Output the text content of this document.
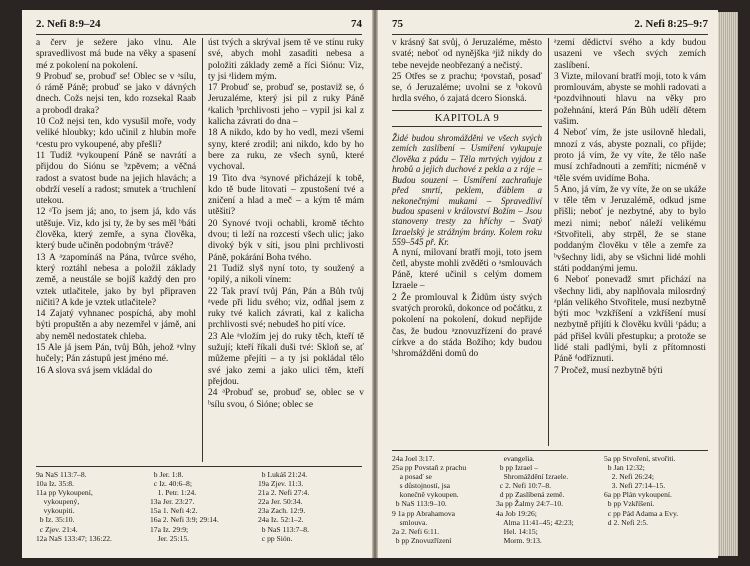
2. Nefi 8:9–24	74

a červ je sežere jako vlnu. Ale spravedlivost má bude na věky a spasení mé z pokolení na pokolení.

9 Probuď se, probuď se! Oblec se v ᵃsílu, ó rámě Páně; probuď se jako v dávných dnech. Cožs nejsi ten, kdo rozsekal Raab a probodl draka?

10 Což nejsi ten, kdo vysušil moře, vody veliké hloubky; kdo učinil z hlubin moře ᵃcestu pro vykoupené, aby přešli?

11 Tudíž ᵃvykoupení Páně se navrátí a přijdou do Siónu se ᵇzpěvem; a věčná radost a svatost bude na jejich hlavách; a obdrží veselí a radost; smutek a ᶜtruchlení utekou.

12 ᵃTo jsem já; ano, to jsem já, kdo vás utěšuje. Viz, kdo jsi ty, že by ses měl ᵇbáti člověka, který zemře, a syna člověka, který bude učiněn podobným ᶜtrávě?

13 A ᵃzapomínáš na Pána, tvůrce svého, který roztáhl nebesa a položil základy země, a neustále se bojíš každý den pro vztek utlačitele, jako by byl připraven ničiti? A kde je vztek utlačitele?

14 Zajatý vyhnanec pospíchá, aby mohl býti propuštěn a aby nezemřel v jámě, ani aby neměl nedostatek chleba.

15 Ale já jsem Pán, tvůj Bůh, jehož ᵃvlny hučely; Pán zástupů jest jméno mé.

16 A slova svá jsem vkládal do

úst tvých a skrýval jsem tě ve stínu ruky své, abych mohl zasaditi nebesa a položiti základy země a říci Siónu: Viz, ty jsi ᵃlidem mým.

17 Probuď se, probuď se, postaviž se, ó Jeruzaléme, který jsi pil z ruky Páně ᵃkalich ᵇprchlivosti jeho – vypil jsi kal z kalicha závrati do dna –

18 A nikdo, kdo by ho vedl, mezi všemi syny, které zrodil; ani nikdo, kdo by ho bere za ruku, ze všech synů, které vychoval.

19 Tito dva ᵃsynové přicházejí k tobě, kdo tě bude litovati – zpustošení tvé a zničení a hlad a meč – a kým tě mám utěšiti?

20 Synové tvoji ochabli, kromě těchto dvou; ti leží na rozcestí všech ulic; jako divoký býk v síti, jsou plni prchlivosti Páně, pokárání Boha tvého.

21 Tudíž slyš nyní toto, ty soužený a ᵃopilý, a nikoli vínem:

22 Tak praví tvůj Pán, Pán a Bůh tvůj ᵃvede při lidu svého; viz, odňal jsem z ruky tvé kalich závrati, kal z kalicha prchlivosti své; nebudeš ho pití více.

23 Ale ᵃvložím jej do ruky těch, kteří tě sužují; kteří říkali duši tvé: Skloň se, ať můžeme přejíti – a ty jsi pokládal tělo své jako zemi a jako ulici těm, kteří přejdou.

24 ᵃProbuď se, probuď se, oblec se v ᵇsílu svou, ó Sióne; oblec se

9a NaS 113:7–8.
10a Iz. 35:8.
11a pp Vykoupení,
vykoupený,
vykoupiti.
b Iz. 35:10.
c Zjev. 21:4.
12a NaS 133:47; 136:22.
b Jer. 1:8.
c Iz. 40:6–8;
1. Petr. 1:24.
13a Jer. 23:27.
15a 1. Nefi 4:2.
16a 2. Nefi 3:9; 29:14.
17a Iz. 29:9;
Jer. 25:15.
b Lukáš 21:24.
19a Zjev. 11:3.
21a 2. Nefi 27:4.
22a Jer. 50:34.
23a Zach. 12:9.
24a Iz. 52:1–2.
b NaS 113:7–8.
c pp Sión.
75	2. Nefi 8:25–9:7

v krásný šat svůj, ó Jeruzaléme, město svaté; neboť od nynějška ᵃjiž nikdy do tebe nevejde neobřezaný a nečistý.

25 Otřes se z prachu; ᵃpovstaň, posaď se, ó Jeruzaléme; uvolni se z ᵇokovů hrdla svého, ó zajatá dcero Sionská.

KAPITOLA 9

Židé budou shromážděni ve všech svých zemích zaslíbení – Usmíření vykupuje člověka z pádu – Těla mrtvých vyjdou z hrobů a jejich duchové z pekla a z ráje – Budou souzeni – Usmíření zachraňuje před smrtí, peklem, ďáblem a nekonečnými mukami – Spravedliví budou spaseni v království Božím – Jsou stanoveny tresty za hříchy – Svatý Izraelský je strážným brány. Kolem roku 559–545 př. Kr.

A nyní, milovaní bratří moji, toto jsem četl, abyste mohli zvěděti o ᵃsmlouvách Páně, které učinil s celým domem Izraele –

2 Že promlouval k Židům ústy svých svatých proroků, dokonce od počátku, z pokolení na pokolení, dokud nepřijde čas, že budou ᵃznovuzřízení do pravé církve a do stáda Božího; kdy budou ᵇshromážděni domů do

ᵃzemí dědictví svého a kdy budou usazeni ve všech svých zemích zaslíbení.

3 Vizte, milovaní bratří moji, toto k vám promlouvám, abyste se mohli radovati a ᵃpozdvihnouti hlavu na věky pro požehnání, která Pán Bůh udělí dětem vašim.

4 Neboť vím, že jste usilovně hledali, mnozí z vás, abyste poznali, co přijde; proto já vím, že vy víte, že tělo naše musí zchřadnouti a zemříti; nicméně v ᵃtěle svém uvidíme Boha.

5 Ano, já vím, že vy víte, že on se ukáže v těle těm v Jeruzalémě, odkud jsme přišli; neboť je nezbytné, aby to bylo mezi nimi; neboť náleží velikému ᵃStvořiteli, aby strpěl, že se stane poddaným člověku v těle a zemře za ᵇvšechny lidi, aby se všichni lidé mohli státi poddanými jemu.

6 Neboť ponevadž smrt přichází na všechny lidi, aby naplňovala milosrdný ᵃplán velikého Stvořitele, musí nezbytně býti moc ᵇvzkříšení a vzkříšení musí nezbytně přijíti k člověku kvůli ᶜpádu; a pád přišel kvůli přestupku; a protože se lidé stali padlými, byli z přítomnosti Páně ᵈodříznuti.

7 Pročež, musí nezbytně býti

24a Joel 3:17.
25a pp Povstaň z prachu
a posaď se
s důstojností, jsa
konečně vykoupen.
b NaS 113:9–10.
9 1a pp Abrahamova
smlouva.
2a 2. Nefi 6:11.
b pp Znovuzřízení
evangelia.
b pp Izrael –
Shromáždění Izraele.
c 2. Nefi 10:7–8.
d pp Zaslíbená země.
3a pp Žalmy 24:7–10.
4a Job 19:26;
Alma 11:41–45; 42:23;
Hel. 14:15;
Morm. 9:13.
5a pp Stvoření, stvořiti.
b Jan 12:32;
2. Nefi 26:24;
3. Nefi 27:14–15.
6a pp Plán vykoupení.
b pp Vzkříšení.
c pp Pád Adama a Evy.
d 2. Nefi 2:5.
